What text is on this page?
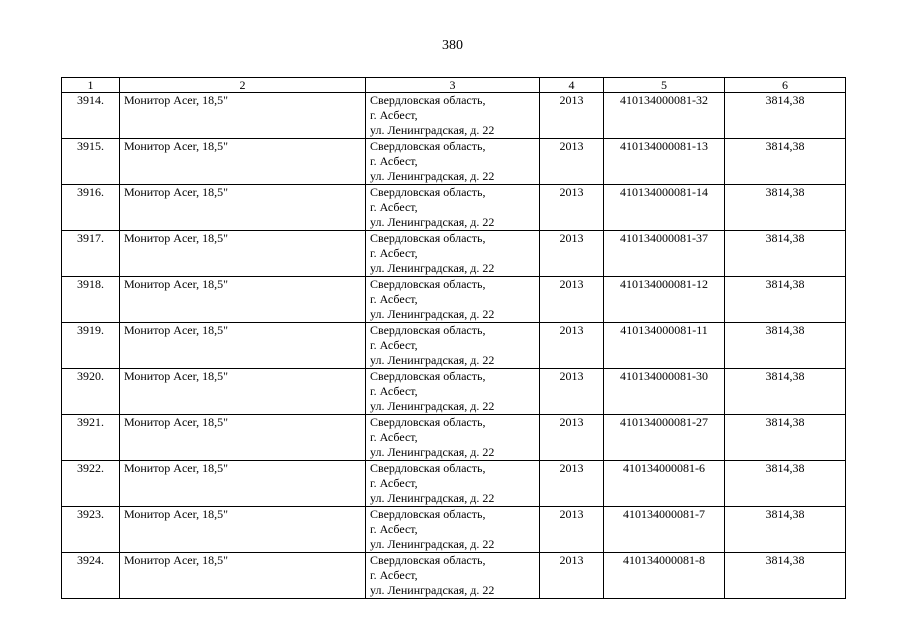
380
1	2	3	4	5	6
3914.	Монитор Acer, 18,5"	Свердловская область,
г. Асбест,
ул. Ленинградская, д. 22	2013	410134000081-32	3814,38
3915.	Монитор Acer, 18,5"	Свердловская область,
г. Асбест,
ул. Ленинградская, д. 22	2013	410134000081-13	3814,38
3916.	Монитор Acer, 18,5"	Свердловская область,
г. Асбест,
ул. Ленинградская, д. 22	2013	410134000081-14	3814,38
3917.	Монитор Acer, 18,5"	Свердловская область,
г. Асбест,
ул. Ленинградская, д. 22	2013	410134000081-37	3814,38
3918.	Монитор Acer, 18,5"	Свердловская область,
г. Асбест,
ул. Ленинградская, д. 22	2013	410134000081-12	3814,38
3919.	Монитор Acer, 18,5"	Свердловская область,
г. Асбест,
ул. Ленинградская, д. 22	2013	410134000081-11	3814,38
3920.	Монитор Acer, 18,5"	Свердловская область,
г. Асбест,
ул. Ленинградская, д. 22	2013	410134000081-30	3814,38
3921.	Монитор Acer, 18,5"	Свердловская область,
г. Асбест,
ул. Ленинградская, д. 22	2013	410134000081-27	3814,38
3922.	Монитор Acer, 18,5"	Свердловская область,
г. Асбест,
ул. Ленинградская, д. 22	2013	410134000081-6	3814,38
3923.	Монитор Acer, 18,5"	Свердловская область,
г. Асбест,
ул. Ленинградская, д. 22	2013	410134000081-7	3814,38
3924.	Монитор Acer, 18,5"	Свердловская область,
г. Асбест,
ул. Ленинградская, д. 22	2013	410134000081-8	3814,38
